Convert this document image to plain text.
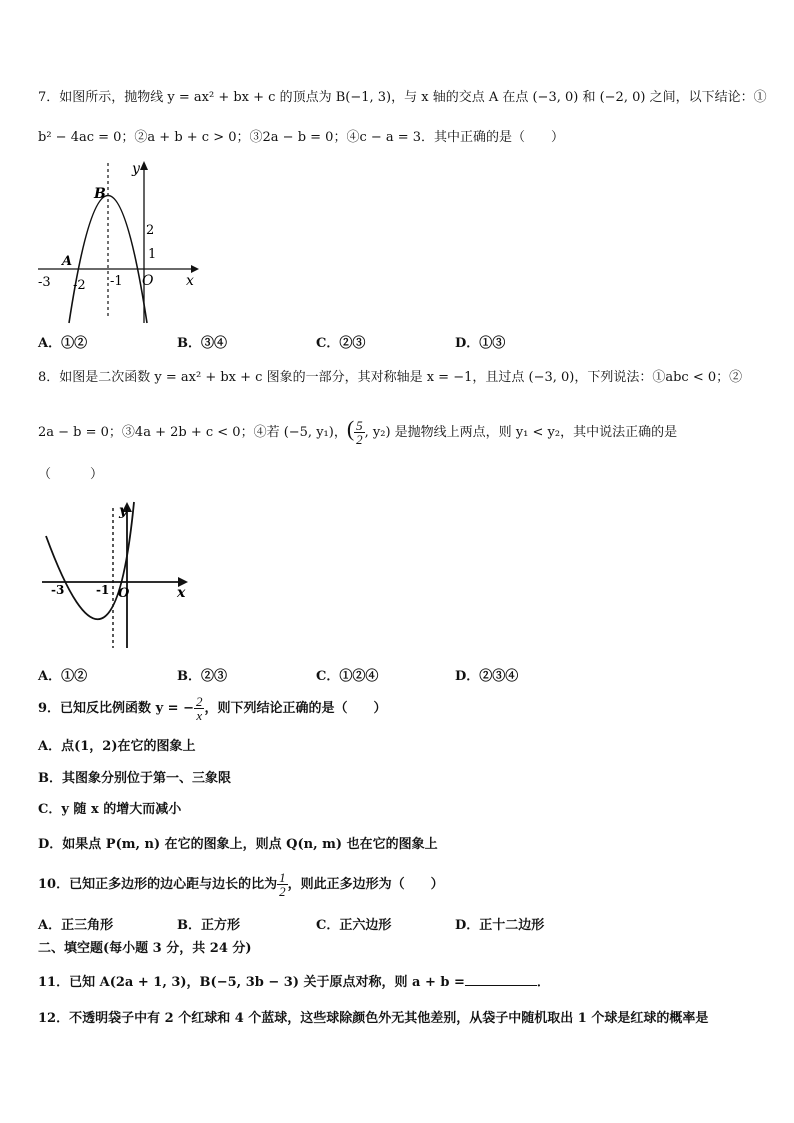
7．如图所示，抛物线 y = ax² + bx + c 的顶点为 B(−1, 3)，与 x 轴的交点 A 在点 (−3, 0) 和 (−2, 0) 之间，以下结论：①
b² − 4ac = 0；②a + b + c > 0；③2a − b = 0；④c − a = 3．其中正确的是（　　）
B
A
y
x
O
-3 -2 -1
2
1
A．①②	B．③④	C．②③	D．①③
8．如图是二次函数 y = ax² + bx + c 图象的一部分，其对称轴是 x = −1，且过点 (−3, 0)，下列说法：①abc < 0；②
2a − b = 0；③4a + 2b + c < 0；④若 (−5, y₁)，( $\frac{5}{2}$ , y₂) 是抛物线上两点，则 y₁ < y₂，其中说法正确的是
（　　　）
y
x
O
-3	-1
A．①②	B．②③	C．①②④	D．②③④
9．已知反比例函数 y = − $\frac{2}{x}$ ，则下列结论正确的是（　　）
A．点(1，2)在它的图象上
B．其图象分别位于第一、三象限
C．y 随 x 的增大而减小
D．如果点 P(m, n) 在它的图象上，则点 Q(n, m) 也在它的图象上
10．已知正多边形的边心距与边长的比为 $\frac{1}{2}$ ，则此正多边形为（　　）
A．正三角形	B．正方形	C．正六边形	D．正十二边形
二、填空题(每小题 3 分，共 24 分)
11．已知 A(2a + 1, 3)，B(−5, 3b − 3) 关于原点对称，则 a + b =	．
12．不透明袋子中有 2 个红球和 4 个蓝球，这些球除颜色外无其他差别，从袋子中随机取出 1 个球是红球的概率是
